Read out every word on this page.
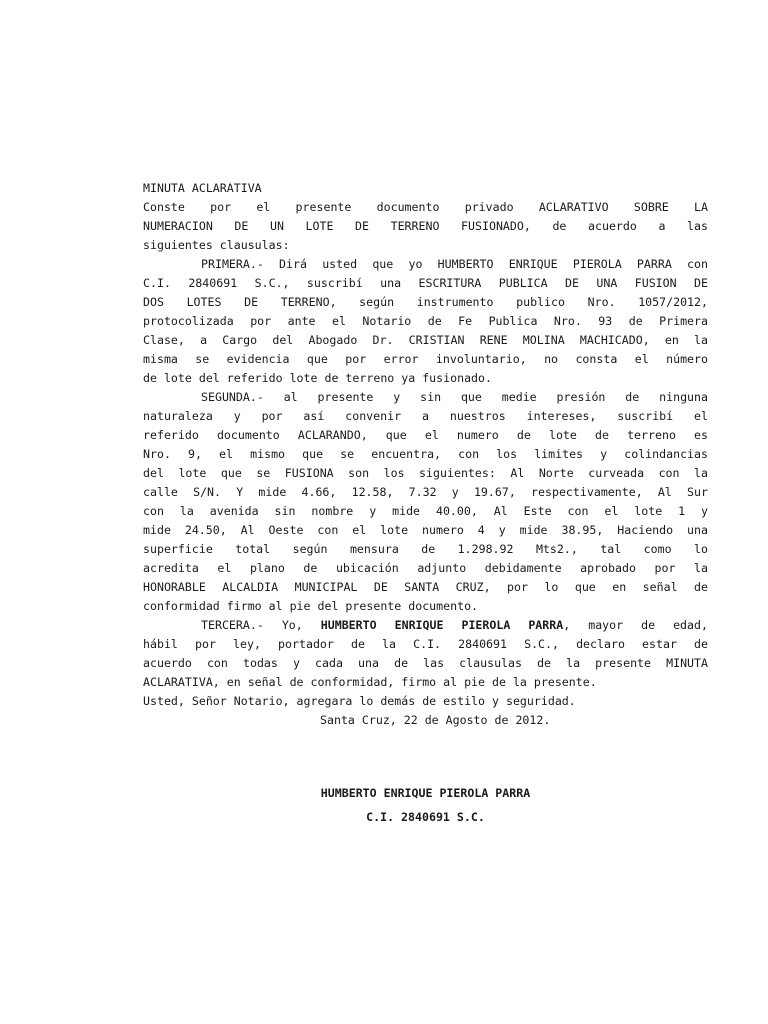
MINUTA ACLARATIVA
Conste por el presente documento privado ACLARATIVO SOBRE LA
NUMERACION DE UN LOTE DE TERRENO FUSIONADO, de acuerdo a las
siguientes clausulas:
PRIMERA.- Dirá usted que yo HUMBERTO ENRIQUE PIEROLA PARRA con
C.I. 2840691 S.C., suscribí una ESCRITURA PUBLICA DE UNA FUSION DE
DOS LOTES DE TERRENO, según instrumento publico Nro. 1057/2012,
protocolizada por ante el Notario de Fe Publica Nro. 93 de Primera
Clase, a Cargo del Abogado Dr. CRISTIAN RENE MOLINA MACHICADO, en la
misma se evidencia que por error involuntario, no consta el número
de lote del referido lote de terreno ya fusionado.
SEGUNDA.- al presente y sin que medie presión de ninguna
naturaleza y por así convenir a nuestros intereses, suscribí el
referido documento ACLARANDO, que el numero de lote de terreno es
Nro. 9, el mismo que se encuentra, con los limites y colindancias
del lote que se FUSIONA son los siguientes: Al Norte curveada con la
calle S/N. Y mide 4.66, 12.58, 7.32 y 19.67, respectivamente, Al Sur
con la avenida sin nombre y mide 40.00, Al Este con el lote 1 y
mide 24.50, Al Oeste con el lote numero 4 y mide 38.95, Haciendo una
superficie total según mensura de 1.298.92 Mts2., tal como lo
acredita el plano de ubicación adjunto debidamente aprobado por la
HONORABLE ALCALDIA MUNICIPAL DE SANTA CRUZ, por lo que en señal de
conformidad firmo al pie del presente documento.
TERCERA.- Yo, HUMBERTO ENRIQUE PIEROLA PARRA, mayor de edad,
hábil por ley, portador de la C.I. 2840691 S.C., declaro estar de
acuerdo con todas y cada una de las clausulas de la presente MINUTA
ACLARATIVA, en señal de conformidad, firmo al pie de la presente.
Usted, Señor Notario, agregara lo demás de estilo y seguridad.
Santa Cruz, 22 de Agosto de 2012.
HUMBERTO ENRIQUE PIEROLA PARRA
C.I. 2840691 S.C.
